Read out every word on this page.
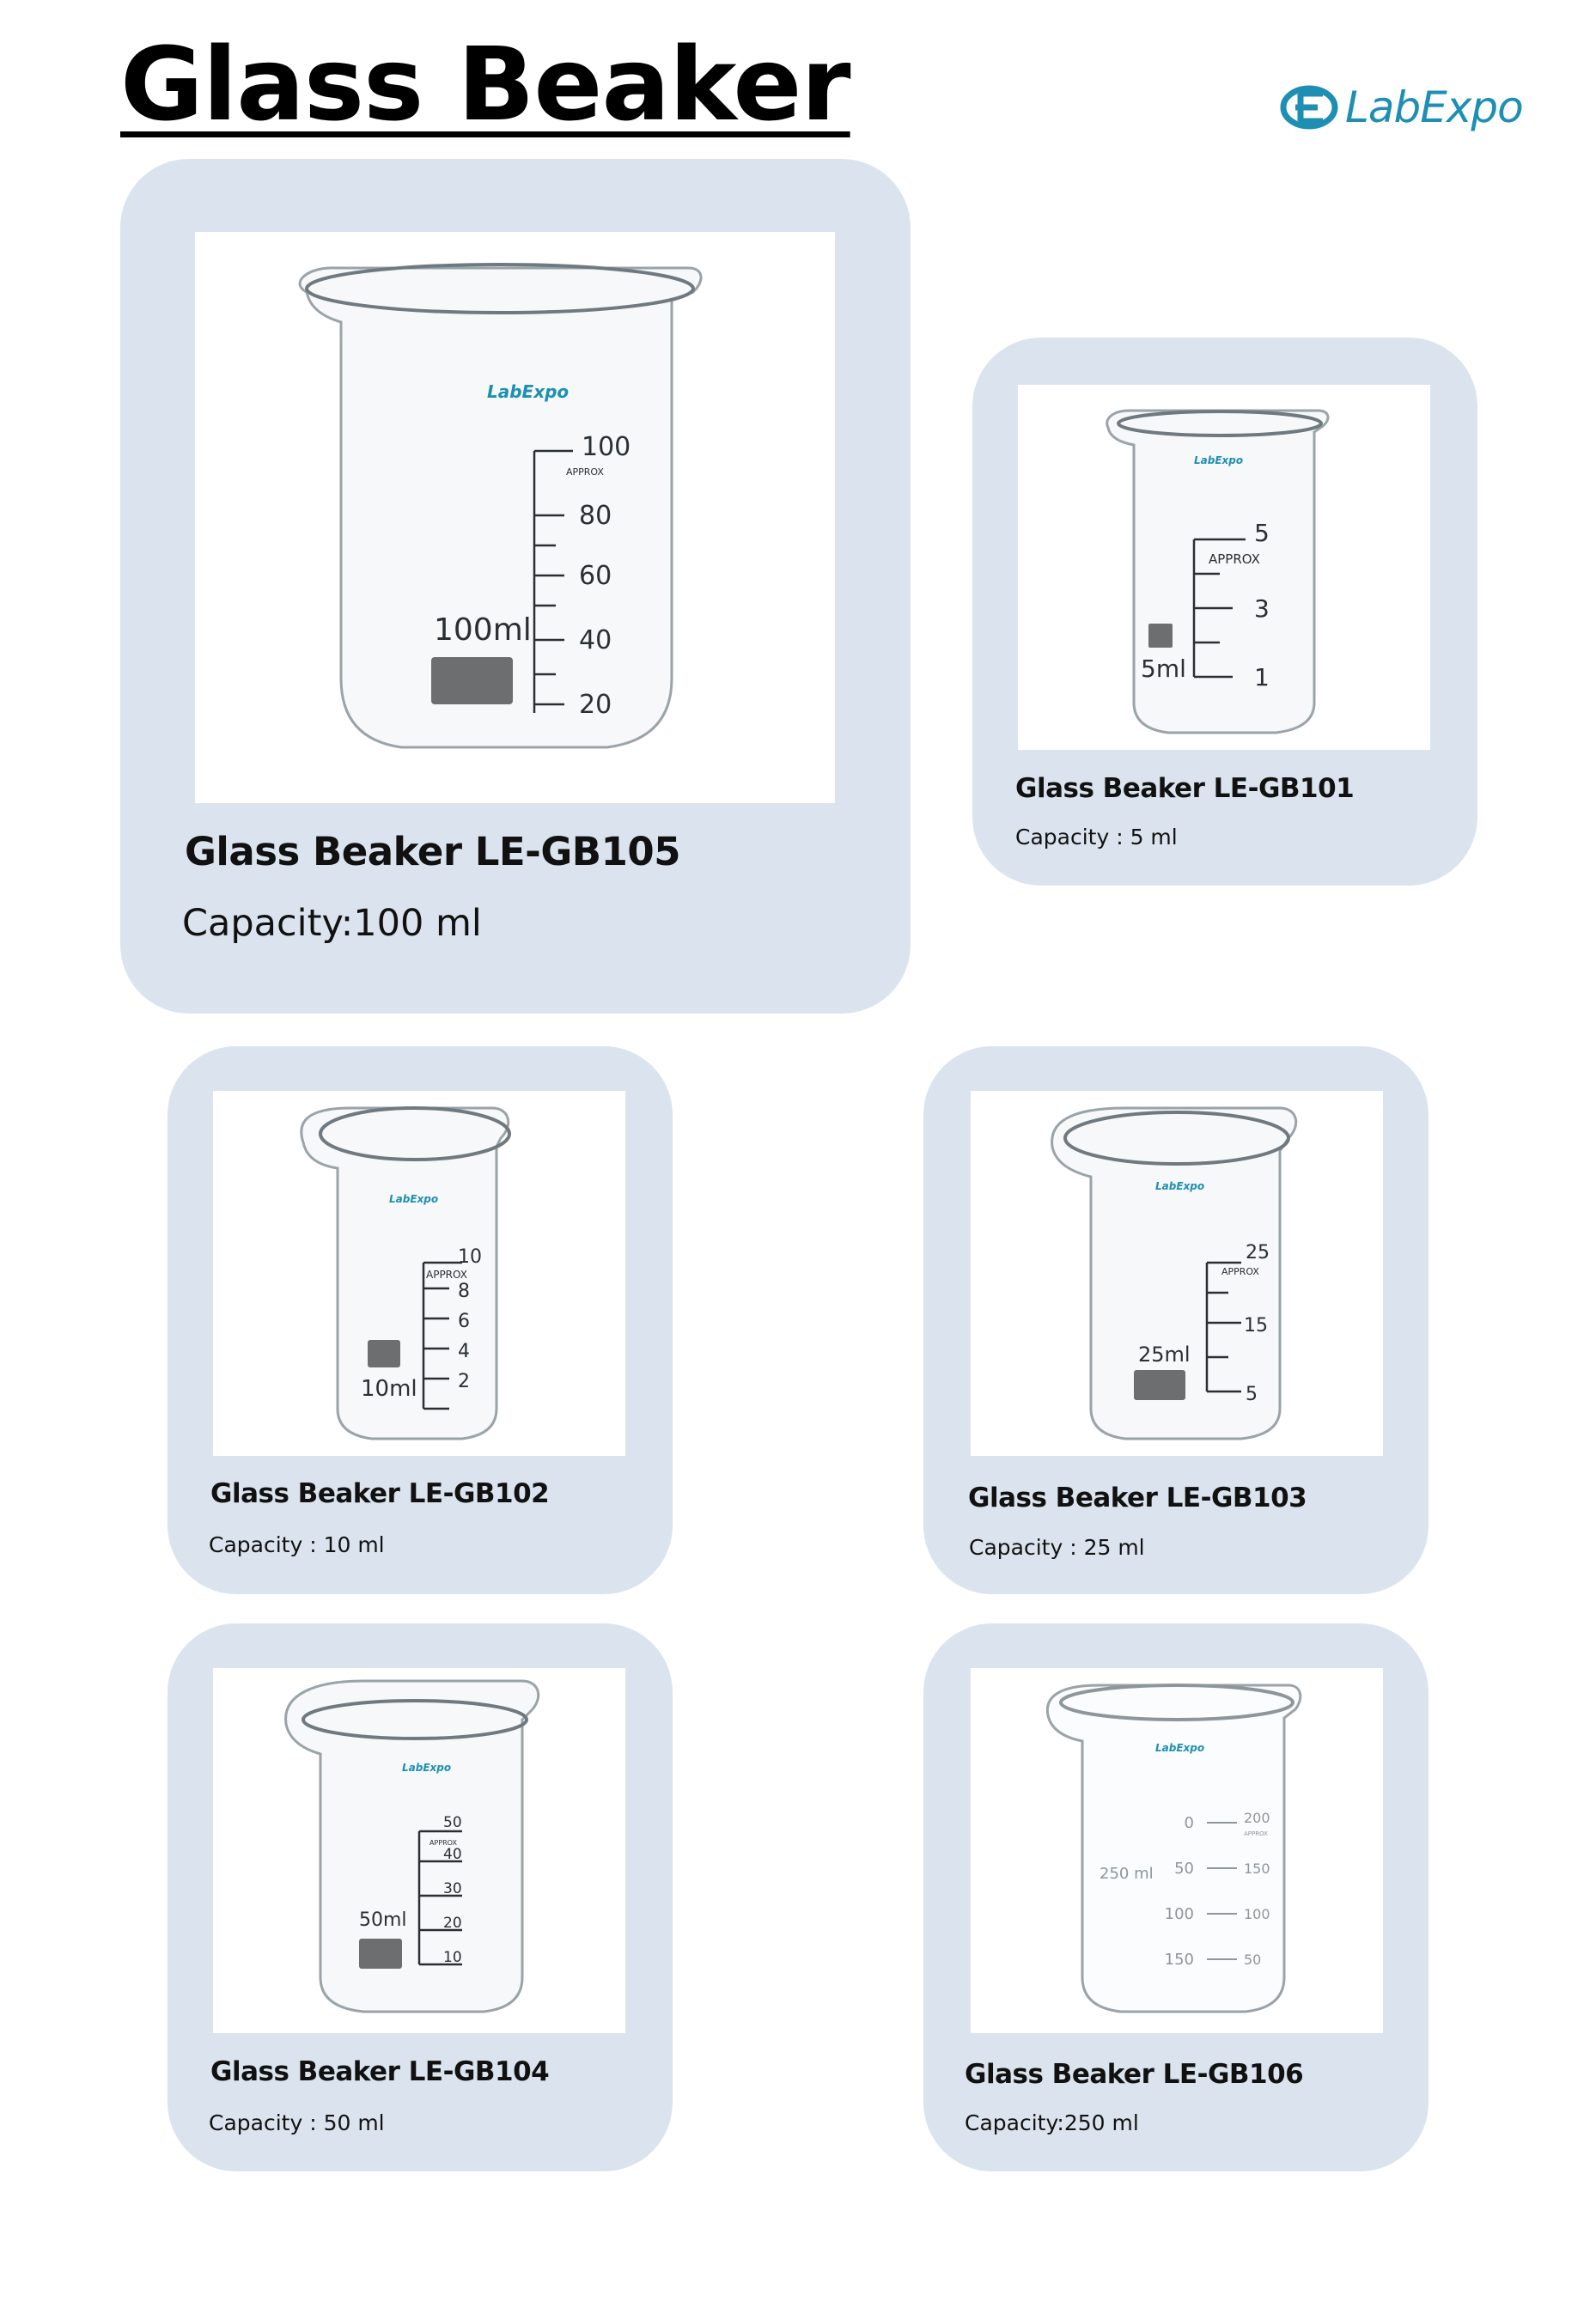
Glass Beaker	LabExpo
LabExpo
100
APPROX
80
60
40
20
100ml
Glass Beaker LE-GB105
Capacity:100 ml
LabExpo
5
APPROX
3
1
5ml
Glass Beaker LE-GB101
Capacity : 5 ml
LabExpo
10
APPROX
8
6
4
2
10ml
Glass Beaker LE-GB102
Capacity : 10 ml
LabExpo
25
APPROX
15
5
25ml
Glass Beaker LE-GB103
Capacity : 25 ml
LabExpo
50
APPROX
40
30
20
10
50ml
Glass Beaker LE-GB104
Capacity : 50 ml
LabExpo
0
50
100
150
200
APPROX
150
100
50
250 ml
Glass Beaker LE-GB106
Capacity:250 ml
